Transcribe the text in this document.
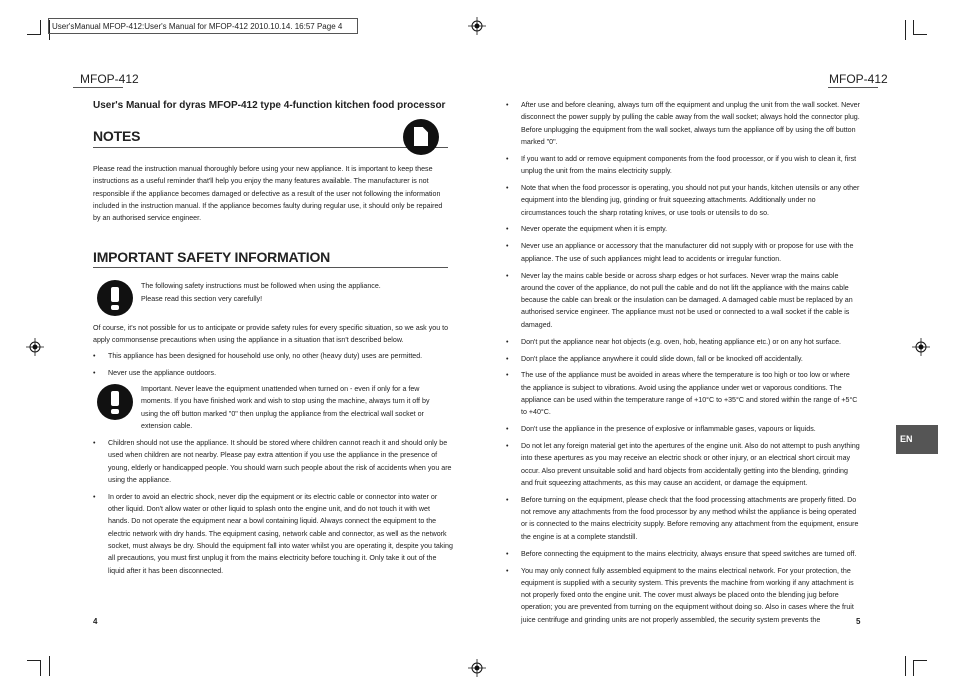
User'sManual MFOP-412:User's Manual for MFOP-412 2010.10.14. 16:57 Page 4
MFOP-412
User's Manual for dyras MFOP-412 type 4-function kitchen food processor
NOTES
Please read the instruction manual thoroughly before using your new appliance. It is important to keep these instructions as a useful reminder that'll help you enjoy the many features available. The manufacturer is not responsible if the appliance becomes damaged or defective as a result of the user not following the information included in the instruction manual. If the appliance becomes faulty during regular use, it should only be repaired by an authorised service engineer.
IMPORTANT SAFETY INFORMATION
The following safety instructions must be followed when using the appliance.
Please read this section very carefully!
Of course, it's not possible for us to anticipate or provide safety rules for every specific situation, so we ask you to apply commonsense precautions when using the appliance in a situation that isn't described below.
• This appliance has been designed for household use only, no other (heavy duty) uses are permitted.
• Never use the appliance outdoors.
Important. Never leave the equipment unattended when turned on - even if only for a few moments. If you have finished work and wish to stop using the machine, always turn it off by using the off button marked "0" then unplug the appliance from the electrical wall socket or extension cable.
• Children should not use the appliance. It should be stored where children cannot reach it and should only be used when children are not nearby. Please pay extra attention if you use the appliance in the presence of young, elderly or handicapped people. You should warn such people about the risk of accidents when you are using the appliance.
• In order to avoid an electric shock, never dip the equipment or its electric cable or connector into water or other liquid. Don't allow water or other liquid to splash onto the engine unit, and do not touch it with wet hands. Do not operate the equipment near a bowl containing liquid. Always connect the equipment to the electric network with dry hands. The equipment casing, network cable and connector, as well as the network socket, must always be dry. Should the equipment fall into water whilst you are operating it, despite you taking all precautions, you must first unplug it from the mains electricity before touching it. Only take it out of the liquid after it has been disconnected.
4
MFOP-412
• After use and before cleaning, always turn off the equipment and unplug the unit from the wall socket. Never disconnect the power supply by pulling the cable away from the wall socket; always hold the connector plug. Before unplugging the equipment from the wall socket, always turn the appliance off by using the off button marked "0".
• If you want to add or remove equipment components from the food processor, or if you wish to clean it, first unplug the unit from the mains electricity supply.
• Note that when the food processor is operating, you should not put your hands, kitchen utensils or any other equipment into the blending jug, grinding or fruit squeezing attachments. Additionally under no circumstances touch the sharp rotating knives, or use tools or utensils to do so.
• Never operate the equipment when it is empty.
• Never use an appliance or accessory that the manufacturer did not supply with or propose for use with the appliance. The use of such appliances might lead to accidents or irregular function.
• Never lay the mains cable beside or across sharp edges or hot surfaces. Never wrap the mains cable around the cover of the appliance, do not pull the cable and do not lift the appliance with the mains cable because the cable can break or the insulation can be damaged. A damaged cable must be replaced by an authorised service engineer. The appliance must not be used or connected to a wall socket if the cable is damaged.
• Don't put the appliance near hot objects (e.g. oven, hob, heating appliance etc.) or on any hot surface.
• Don't place the appliance anywhere it could slide down, fall or be knocked off accidentally.
• The use of the appliance must be avoided in areas where the temperature is too high or too low or where the appliance is subject to vibrations. Avoid using the appliance under wet or vaporous conditions. The appliance can be used within the temperature range of +10°C to +35°C and stored within the range of +5°C to +40°C.
• Don't use the appliance in the presence of explosive or inflammable gases, vapours or liquids.
• Do not let any foreign material get into the apertures of the engine unit. Also do not attempt to push anything into these apertures as you may receive an electric shock or other injury, or an electrical short circuit may occur. Also prevent unsuitable solid and hard objects from accidentally getting into the blending, grinding and fruit squeezing attachments, as this may cause an accident, or damage the equipment.
• Before turning on the equipment, please check that the food processing attachments are properly fitted. Do not remove any attachments from the food processor by any method whilst the appliance is being operated or is connected to the mains electricity supply. Before removing any attachment from the equipment, ensure the engine is at a complete standstill.
• Before connecting the equipment to the mains electricity, always ensure that speed switches are turned off.
• You may only connect fully assembled equipment to the mains electrical network. For your protection, the equipment is supplied with a security system. This prevents the machine from working if any attachment is not properly fixed onto the engine unit. The cover must always be placed onto the blending jug before operation; you are prevented from turning on the equipment without doing so. Also in cases where the fruit juice centrifuge and grinding units are not properly assembled, the security system prevents the
EN
5
